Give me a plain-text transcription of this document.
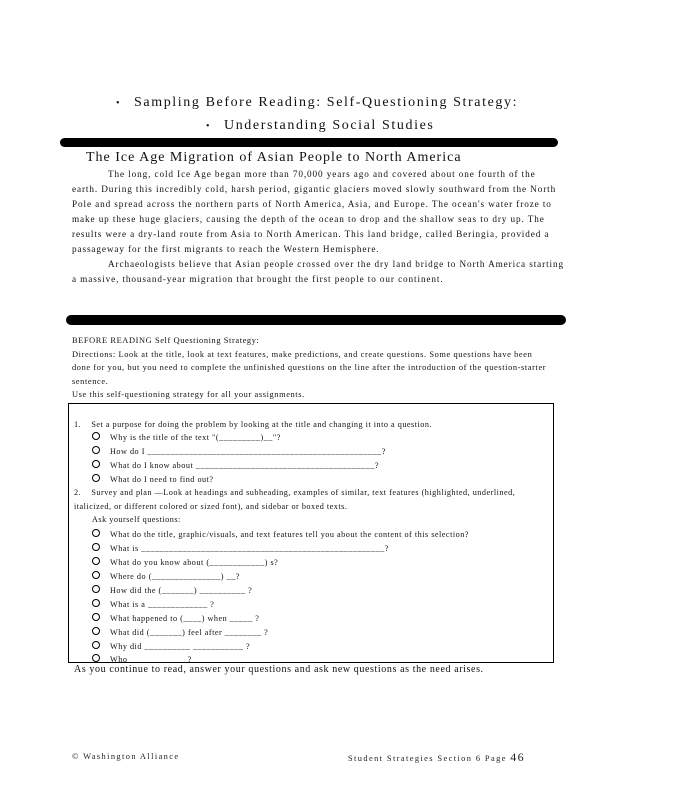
• Sampling Before Reading: Self-Questioning Strategy:
• Understanding Social Studies
The Ice Age Migration of Asian People to North America

The long, cold Ice Age began more than 70,000 years ago and covered about one fourth of the earth. During this incredibly cold, harsh period, gigantic glaciers moved slowly southward from the North Pole and spread across the northern parts of North America, Asia, and Europe. The ocean's water froze to make up these huge glaciers, causing the depth of the ocean to drop and the shallow seas to dry up. The results were a dry-land route from Asia to North American. This land bridge, called Beringia, provided a passageway for the first migrants to reach the Western Hemisphere.

Archaeologists believe that Asian people crossed over the dry land bridge to North America starting a massive, thousand-year migration that brought the first people to our continent.

BEFORE READING Self Questioning Strategy:
Directions: Look at the title, look at text features, make predictions, and create questions. Some questions have been done for you, but you need to complete the unfinished questions on the line after the introduction of the question-starter sentence.
Use this self-questioning strategy for all your assignments.
1. Set a purpose for doing the problem by looking at the title and changing it into a question.
Why is the title of the text "(_________)__"?
How do I ___________________________________________________?
What do I know about _______________________________________?
What do I need to find out?
2. Survey and plan —Look at headings and subheading, examples of similar, text features (highlighted, underlined, italicized, or different colored or sized font), and sidebar or boxed texts.
Ask yourself questions:
What do the title, graphic/visuals, and text features tell you about the content of this selection?
What is _____________________________________________________?
What do you know about (____________) s?
Where do (_______________) __?
How did the (_______) __________ ?
What is a _____________ ?
What happened to (____) when _____ ?
What did (_______) feel after ________ ?
Why did __________ ___________ ?
Who ____________ ?
As you continue to read, answer your questions and ask new questions as the need arises.
© Washington Alliance	Student Strategies Section 6 Page 46
